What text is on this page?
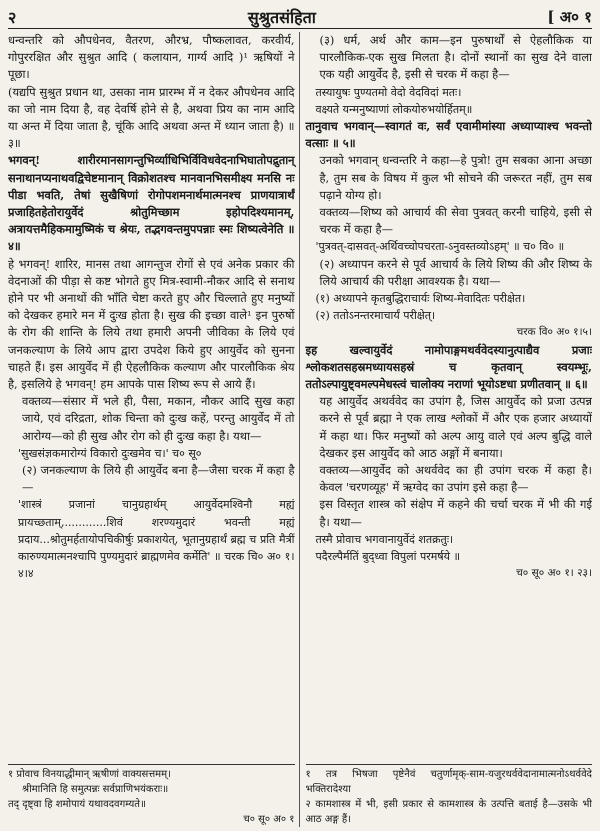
२	सुश्रुतसंहिता	[ अ० १

धन्वन्तरि को औपधेनव, वैतरण, औरभ्र, पौष्कलावत, करवीर्य, गोपुररक्षित और सुश्रुत आदि ( कलायान, गार्ग्य आदि )¹ ऋषियों ने पूछा।

(यद्यपि सुश्रुत प्रधान था, उसका नाम प्रारम्भ में न देकर औपधेनव आदि का जो नाम दिया है, वह देवर्षि होने से है, अथवा प्रिय का नाम आदि या अन्त में दिया जाता है, चूंकि आदि अथवा अन्त में ध्यान जाता है) ॥ ३॥

भगवन्! शारीरमानसागन्तुभिर्व्याधिभिर्विविधवेदनाभिघातोपद्रुतान् सनाथानप्यनाथवद्विचेष्टमानान् विक्रोशतश्च मानवानभिसमीक्ष्य मनसि नः पीडा भवति, तेषां सुखैषिणां रोगोपशमनार्थमात्मनश्च प्राणयात्रार्थं प्रजाहितहेतोरायुर्वेदं श्रोतुमिच्छाम इहोपदिश्यमानम्, अत्रायत्तमैहिकमामुष्मिकं च श्रेयः, तद्भगवन्तमुपपन्नाः स्मः शिष्यत्वेनेति ॥ ४॥

हे भगवन्! शारिर, मानस तथा आगन्तुज रोगों से एवं अनेक प्रकार की वेदनाओं की पीड़ा से कष्ट भोगते हुए मित्र-स्वामी-नौकर आदि से सनाथ होने पर भी अनाथों की भाँति चेष्टा करते हुए और चिल्लाते हुए मनुष्यों को देखकर हमारे मन में दुःख होता है। सुख की इच्छा वाले¹ इन पुरुषों के रोग की शान्ति के लिये तथा हमारी अपनी जीविका के लिये एवं जनकल्याण के लिये आप द्वारा उपदेश किये हुए आयुर्वेद को सुनना चाहते हैं। इस आयुर्वेद में ही ऐहलौकिक कल्याण और पारलौकिक श्रेय है, इसलिये हे भगवन्! हम आपके पास शिष्य रूप से आये हैं।

वक्तव्य—संसार में भले ही, पैसा, मकान, नौकर आदि सुख कहा जाये, एवं दरिद्रता, शोक चिन्ता को दुःख कहें, परन्तु आयुर्वेद में तो आरोग्य—को ही सुख और रोग को ही दुःख कहा है। यथा—

'सुखसंज्ञकमारोग्यं विकारो दुःखमेव च।' च० सू०

(२) जनकल्याण के लिये ही आयुर्वेद बना है—जैसा चरक में कहा है—

'शास्त्रं प्रजानां चानुग्रहार्थम् आयुर्वेदमश्विनौ मह्यं प्रायच्छताम्,............शिवं शरण्यमुदारं भवन्ती मह्यं प्रदाय...श्रोतुमर्हतायोपचिकीर्षुः प्रकाशयेत्, भूतानुग्रहार्थं ब्रह्म च प्रति मैत्रीं कारुण्यमात्मनश्चापि पुण्यमुदारं ब्राह्मणमेव कर्मेति' ॥ चरक चि० अ० १।४।४

१ प्रोवाच विनयाद्धीमान् ऋषीणां वाक्यसत्तमम्।

श्रीमानिति हि समुत्पन्नः सर्वप्राणिभयंकराः॥

तद् दृष्ट्वा हि शमोपायं यथावदवगम्यते॥

च० सू० अ० १

(३) धर्म, अर्थ और काम—इन पुरुषार्थों से ऐहलौकिक या पारलौकिक-एक सुख मिलता है। दोनों स्थानों का सुख देने वाला एक यही आयुर्वेद है, इसी से चरक में कहा है—

तस्यायुषः पुण्यतमो वेदो वेदविदां मतः।

वक्ष्यते यन्मनुष्याणां लोकयोरुभयोर्हितम्॥

तानुवाच भगवान्—स्वागतं वः, सर्वं एवामीमांस्या अध्याप्याश्च भवन्तो वत्साः ॥ ५॥

उनको भगवान् धन्वन्तरि ने कहा—हे पुत्रो! तुम सबका आना अच्छा है, तुम सब के विषय में कुल भी सोचने की जरूरत नहीं, तुम सब पढ़ाने योग्य हो।

वक्तव्य—शिष्य को आचार्य की सेवा पुत्रवत् करनी चाहिये, इसी से चरक में कहा है—

'पुत्रवत्-दासवत्-अर्थिवच्चोपचरता-ऽनुवस्तव्योऽहम्' ॥ च० वि० ॥

(२) अध्यापन करने से पूर्व आचार्य के लिये शिष्य की और शिष्य के लिये आचार्य की परीक्षा आवश्यक है। यथा—

(१) अध्यापने कृतबुद्धिराचार्यः शिष्य-मेवादितः परीक्षेत।

(२) ततोऽनन्तरमाचार्यं परीक्षेत्।

चरक वि० अ० १।५।

इह खल्वायुर्वेदं नामोपाङ्गमथर्ववेदस्यानुत्पाद्यैव प्रजाः श्लोकशतसहस्रमध्यायसहस्रं च कृतवान् स्वयम्भूः, ततोऽल्पायुष्ट्वमल्पमेधस्त्वं चालोक्य नराणां भूयोऽष्टधा प्रणीतवान् ॥ ६॥

यह आयुर्वेद अथर्ववेद का उपांग है, जिस आयुर्वेद को प्रजा उत्पन्न करने से पूर्व ब्रह्मा ने एक लाख श्लोकों में और एक हजार अध्यायों में कहा था। फिर मनुष्यों को अल्प आयु वाले एवं अल्प बुद्धि वाले देखकर इस आयुर्वेद को आठ अङ्गों में बनाया।

वक्तव्य—आयुर्वेद को अथर्ववेद का ही उपांग चरक में कहा है। केवल 'चरणव्यूह' में ऋग्वेद का उपांग इसे कहा है—

इस विस्तृत शास्त्र को संक्षेप में कहने की चर्चा चरक में भी की गई है। यथा—

तस्मै प्रोवाच भगवानायुर्वेदं शतक्रतुः।

पदैरल्पैर्मतिं बुद्ध्वा विपुलां परमर्षये ॥

च० सू० अ० १। २३।

१ तत्र भिषजा पृष्टेनैवं चतुर्णामृक्-साम-यजुरथर्ववेदानामात्मनोऽथर्ववेदे भक्तिरादेश्या

२ कामशास्त्र में भी, इसी प्रकार से कामशास्त्र के उत्पत्ति बताई है—उसके भी आठ अङ्ग हैं।
